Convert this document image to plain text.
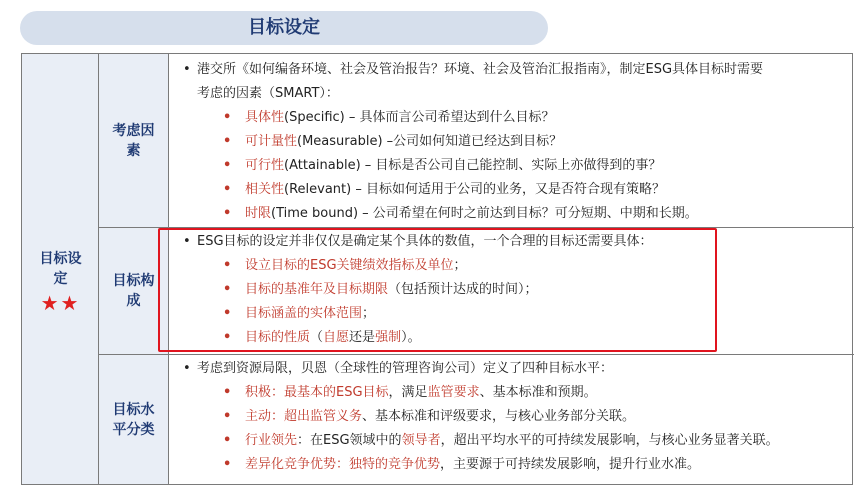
目标设定
目标设
定
★★
考虑因
素
• 港交所《如何编备环境、社会及管治报告？环境、社会及管治汇报指南》，制定ESG具体目标时需要
考虑的因素（SMART）：
• 具体性(Specific) – 具体而言公司希望达到什么目标？
• 可计量性(Measurable) –公司如何知道已经达到目标？
• 可行性(Attainable) – 目标是否公司自己能控制、实际上亦做得到的事？
• 相关性(Relevant) – 目标如何适用于公司的业务，又是否符合现有策略？
• 时限(Time bound) – 公司希望在何时之前达到目标？可分短期、中期和长期。
目标构
成
• ESG目标的设定并非仅仅是确定某个具体的数值，一个合理的目标还需要具体：
• 设立目标的ESG关键绩效指标及单位；
• 目标的基准年及目标期限（包括预计达成的时间）；
• 目标涵盖的实体范围；
• 目标的性质（自愿还是强制）。
目标水
平分类
• 考虑到资源局限，贝恩（全球性的管理咨询公司）定义了四种目标水平：
• 积极：最基本的ESG目标，满足监管要求、基本标准和预期。
• 主动：超出监管义务、基本标准和评级要求，与核心业务部分关联。
• 行业领先：在ESG领域中的领导者，超出平均水平的可持续发展影响，与核心业务显著关联。
• 差异化竞争优势：独特的竞争优势，主要源于可持续发展影响，提升行业水准。
